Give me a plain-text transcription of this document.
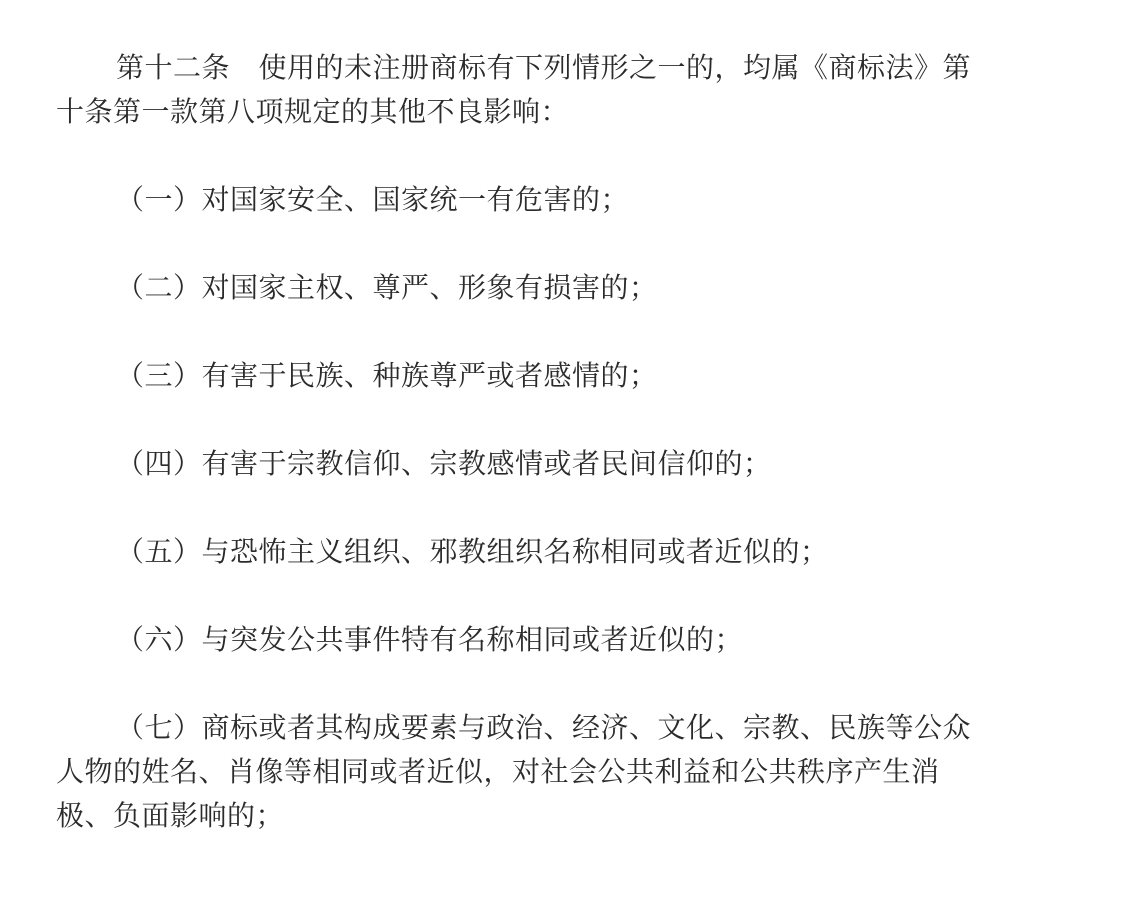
第十二条　使用的未注册商标有下列情形之一的，均属《商标法》第
十条第一款第八项规定的其他不良影响：

（一）对国家安全、国家统一有危害的；

（二）对国家主权、尊严、形象有损害的；

（三）有害于民族、种族尊严或者感情的；

（四）有害于宗教信仰、宗教感情或者民间信仰的；

（五）与恐怖主义组织、邪教组织名称相同或者近似的；

（六）与突发公共事件特有名称相同或者近似的；

（七）商标或者其构成要素与政治、经济、文化、宗教、民族等公众
人物的姓名、肖像等相同或者近似，对社会公共利益和公共秩序产生消
极、负面影响的；
